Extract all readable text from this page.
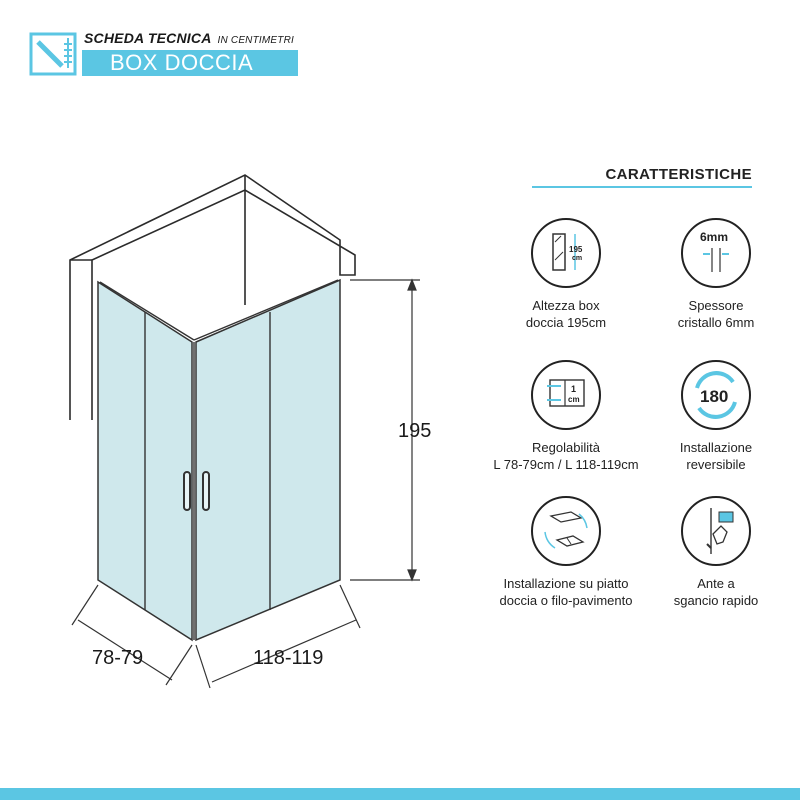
SCHEDA TECNICA IN CENTIMETRI
BOX DOCCIA
195
78-79	118-119
CARATTERISTICHE
195
cm
Altezza box
doccia 195cm
6mm
Spessore
cristallo 6mm
1
cm
Regolabilità
L 78-79cm / L 118-119cm
180
Installazione
reversibile
Installazione su piatto
doccia o filo-pavimento
Ante a
sgancio rapido
